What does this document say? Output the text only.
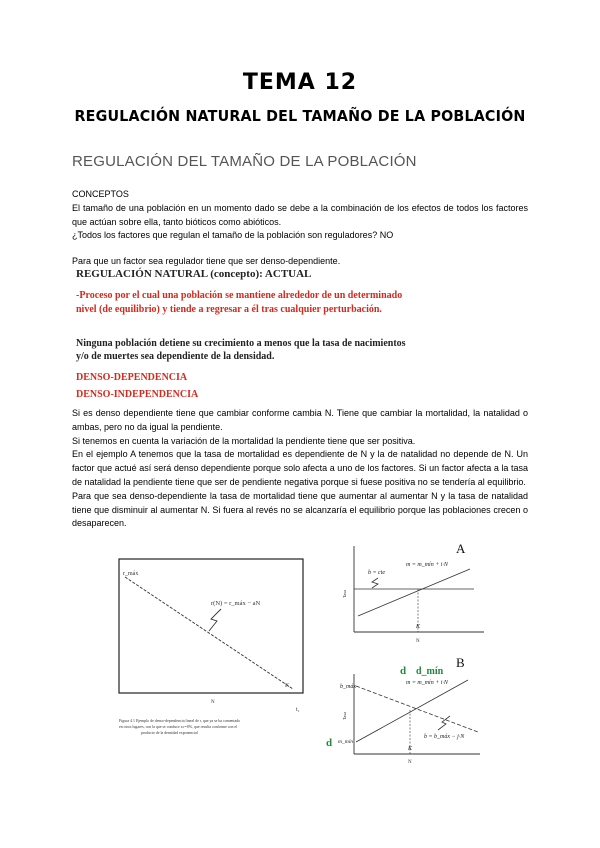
TEMA 12
REGULACIÓN NATURAL DEL TAMAÑO DE LA POBLACIÓN
REGULACIÓN DEL TAMAÑO DE LA POBLACIÓN
CONCEPTOS
El tamaño de una población en un momento dado se debe a la combinación de los efectos de todos los factores que actúan sobre ella, tanto bióticos como abióticos.
¿Todos los factores que regulan el tamaño de la población son reguladores? NO
Para que un factor sea regulador tiene que ser denso-dependiente.
REGULACIÓN NATURAL (concepto): ACTUAL
-Proceso por el cual una población se mantiene alrededor de un determinado
nivel (de equilibrio) y tiende a regresar a él tras cualquier perturbación.
Ninguna población detiene su crecimiento a menos que la tasa de nacimientos
y/o de muertes sea dependiente de la densidad.
DENSO-DEPENDENCIA
DENSO-INDEPENDENCIA
Si es denso dependiente tiene que cambiar conforme cambia N. Tiene que cambiar la mortalidad, la natalidad o ambas, pero no da igual la pendiente.
Si tenemos en cuenta la variación de la mortalidad la pendiente tiene que ser positiva.
En el ejemplo A tenemos que la tasa de mortalidad es dependiente de N y la de natalidad no depende de N. Un factor que actué así será denso dependiente porque solo afecta a uno de los factores. Si un factor afecta a la tasa de natalidad la pendiente tiene que ser de pendiente negativa porque si fuese positiva no se tendería al equilibrio.
Para que sea denso-dependiente la tasa de mortalidad tiene que aumentar al aumentar N y la tasa de natalidad tiene que disminuir al aumentar N. Si fuera al revés no se alcanzaría el equilibrio porque las poblaciones crecen o desaparecen.
r_máx
r(N) = r_máx − aN
K
N
t₁
Figura 4.1 Ejemplo de denso-dependencia lineal de r, que ya se ha comentado
en otros lugares, con la que se conduce a r=0%, que resulta conforme con el
producto de la densidad exponencial
A
b = cte
m = m_mín + i·N
Tasa
K
N
B
d d_mín
m = m_mín + i·N
b_máx
b = b_máx − j·N
d m_mín
Tasa
K
N
